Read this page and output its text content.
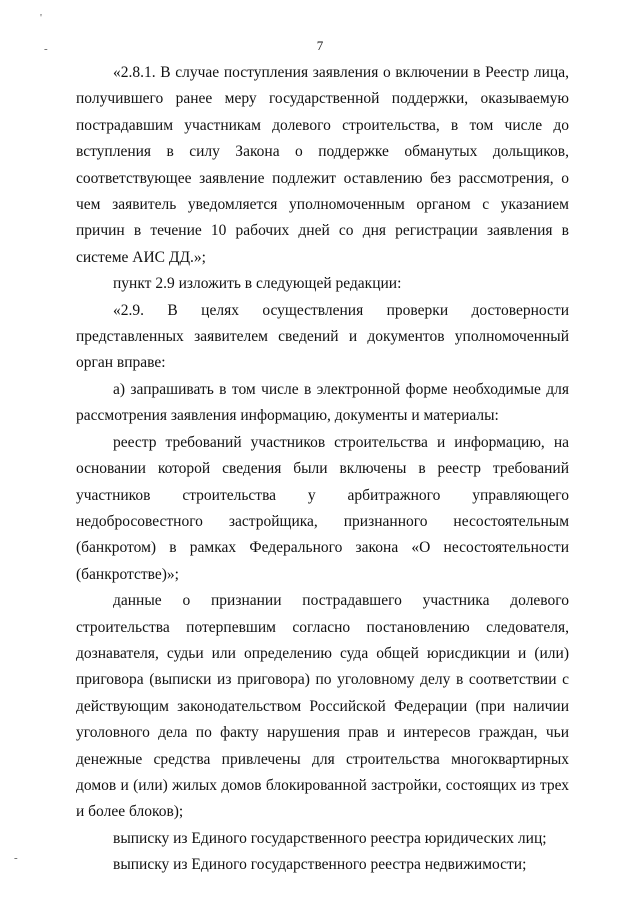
'
-
-
7

«2.8.1. В случае поступления заявления о включении в Реестр лица, получившего ранее меру государственной поддержки, оказываемую пострадавшим участникам долевого строительства, в том числе до вступления в силу Закона о поддержке обманутых дольщиков, соответствующее заявление подлежит оставлению без рассмотрения, о чем заявитель уведомляется уполномоченным органом с указанием причин в течение 10 рабочих дней со дня регистрации заявления в системе АИС ДД.»;

пункт 2.9 изложить в следующей редакции:

«2.9. В целях осуществления проверки достоверности представленных заявителем сведений и документов уполномоченный орган вправе:

а) запрашивать в том числе в электронной форме необходимые для рассмотрения заявления информацию, документы и материалы:

реестр требований участников строительства и информацию, на основании которой сведения были включены в реестр требований участников строительства у арбитражного управляющего недобросовестного застройщика, признанного несостоятельным (банкротом) в рамках Федерального закона «О несостоятельности (банкротстве)»;

данные о признании пострадавшего участника долевого строительства потерпевшим согласно постановлению следователя, дознавателя, судьи или определению суда общей юрисдикции и (или) приговора (выписки из приговора) по уголовному делу в соответствии с действующим законодательством Российской Федерации (при наличии уголовного дела по факту нарушения прав и интересов граждан, чьи денежные средства привлечены для строительства многоквартирных домов и (или) жилых домов блокированной застройки, состоящих из трех и более блоков);

выписку из Единого государственного реестра юридических лиц;

выписку из Единого государственного реестра недвижимости;
